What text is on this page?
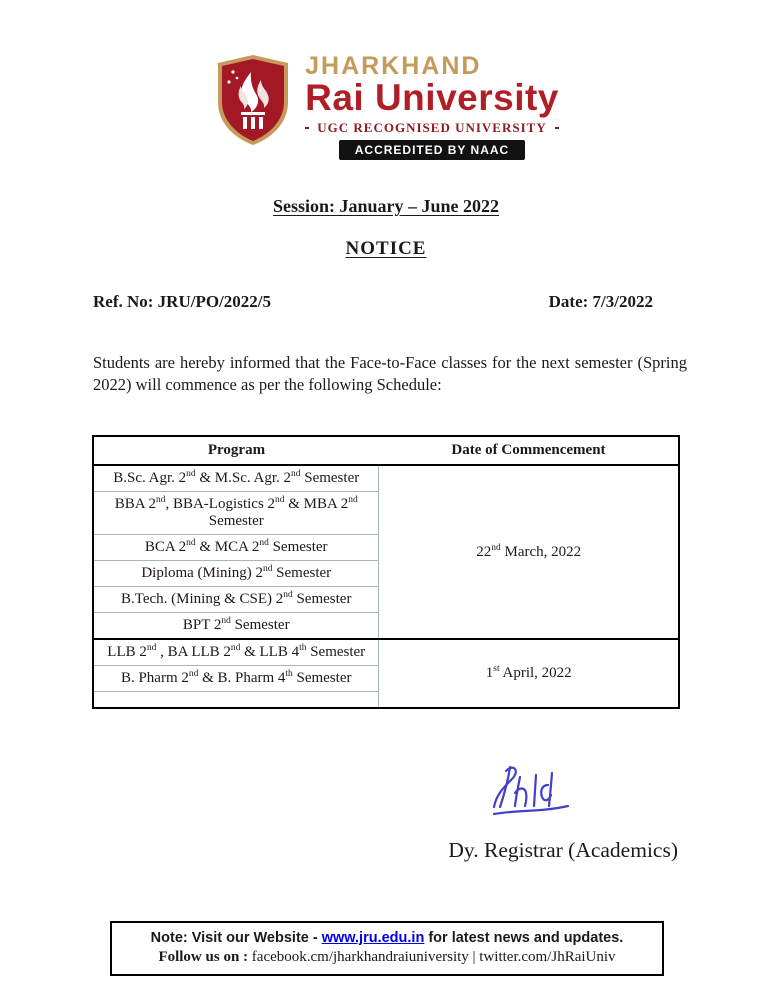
JHARKHAND
Rai University
UGC RECOGNISED UNIVERSITY
ACCREDITED BY NAAC
Session: January – June 2022
NOTICE
Ref. No: JRU/PO/2022/5	Date: 7/3/2022

Students are hereby informed that the Face-to-Face classes for the next semester (Spring 2022) will commence as per the following Schedule:

Program	Date of Commencement
B.Sc. Agr. 2nd & M.Sc. Agr. 2nd Semester	22nd March, 2022
BBA 2nd, BBA-Logistics 2nd & MBA 2nd Semester	
BCA 2nd & MCA 2nd Semester	
Diploma (Mining) 2nd Semester	
B.Tech. (Mining & CSE) 2nd Semester	
BPT 2nd Semester	
LLB 2nd , BA LLB 2nd & LLB 4th Semester	1st April, 2022
B. Pharm 2nd & B. Pharm 4th Semester	

Dy. Registrar (Academics)
Note: Visit our Website - www.jru.edu.in for latest news and updates.
Follow us on : facebook.cm/jharkhandraiuniversity | twitter.com/JhRaiUniv
